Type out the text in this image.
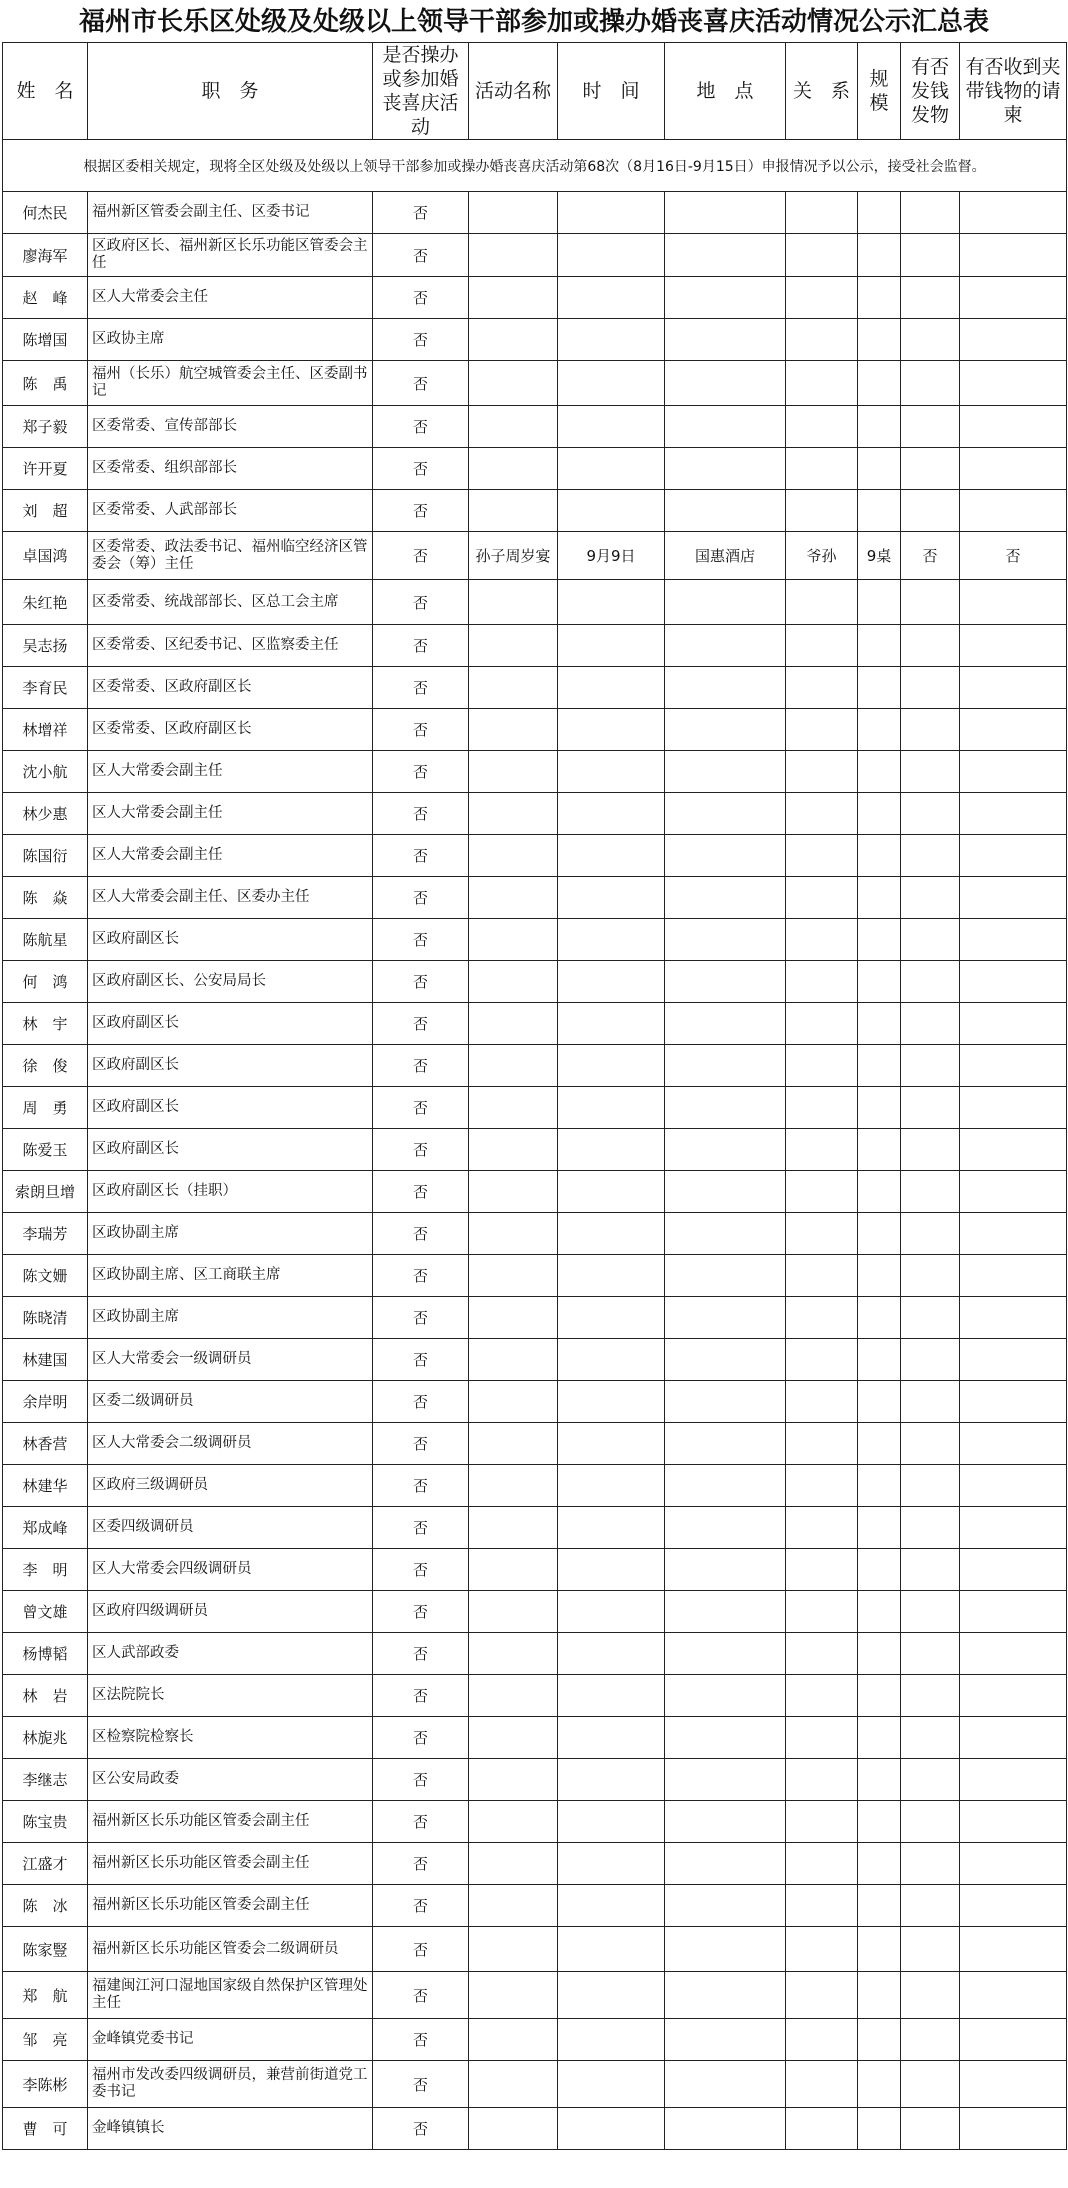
福州市长乐区处级及处级以上领导干部参加或操办婚丧喜庆活动情况公示汇总表
根据区委相关规定，现将全区处级及处级以上领导干部参加或操办婚丧喜庆活动第68次（8月16日-9月15日）申报情况予以公示，接受社会监督。									
姓　名	职　务	是否操办或参加婚丧喜庆活动	活动名称	时　间	地　点	关　系	规模	有否发钱发物	有否收到夹带钱物的请柬
何杰民	福州新区管委会副主任、区委书记	否							
廖海军	区政府区长、福州新区长乐功能区管委会主任	否							
赵　峰	区人大常委会主任	否							
陈增国	区政协主席	否							
陈　禹	福州（长乐）航空城管委会主任、区委副书记	否							
郑子毅	区委常委、宣传部部长	否							
许开夏	区委常委、组织部部长	否							
刘　超	区委常委、人武部部长	否							
卓国鸿	区委常委、政法委书记、福州临空经济区管委会（筹）主任	否	孙子周岁宴	9月9日	国惠酒店	爷孙	9桌	否	否
朱红艳	区委常委、统战部部长、区总工会主席	否							
吴志扬	区委常委、区纪委书记、区监察委主任	否							
李育民	区委常委、区政府副区长	否							
林增祥	区委常委、区政府副区长	否							
沈小航	区人大常委会副主任	否							
林少惠	区人大常委会副主任	否							
陈国衍	区人大常委会副主任	否							
陈　焱	区人大常委会副主任、区委办主任	否							
陈航星	区政府副区长	否							
何　鸿	区政府副区长、公安局局长	否							
林　宇	区政府副区长	否							
徐　俊	区政府副区长	否							
周　勇	区政府副区长	否							
陈爱玉	区政府副区长	否							
索朗旦增	区政府副区长（挂职）	否							
李瑞芳	区政协副主席	否							
陈文姗	区政协副主席、区工商联主席	否							
陈晓清	区政协副主席	否							
林建国	区人大常委会一级调研员	否							
余岸明	区委二级调研员	否							
林香营	区人大常委会二级调研员	否							
林建华	区政府三级调研员	否							
郑成峰	区委四级调研员	否							
李　明	区人大常委会四级调研员	否							
曾文雄	区政府四级调研员	否							
杨博韬	区人武部政委	否							
林　岩	区法院院长	否							
林旎兆	区检察院检察长	否							
李继志	区公安局政委	否							
陈宝贵	福州新区长乐功能区管委会副主任	否							
江盛才	福州新区长乐功能区管委会副主任	否							
陈　冰	福州新区长乐功能区管委会副主任	否							
陈家豎	福州新区长乐功能区管委会二级调研员	否							
郑　航	福建闽江河口湿地国家级自然保护区管理处主任	否							
邹　亮	金峰镇党委书记	否							
李陈彬	福州市发改委四级调研员，兼营前街道党工委书记	否							
曹　可	金峰镇镇长	否							
